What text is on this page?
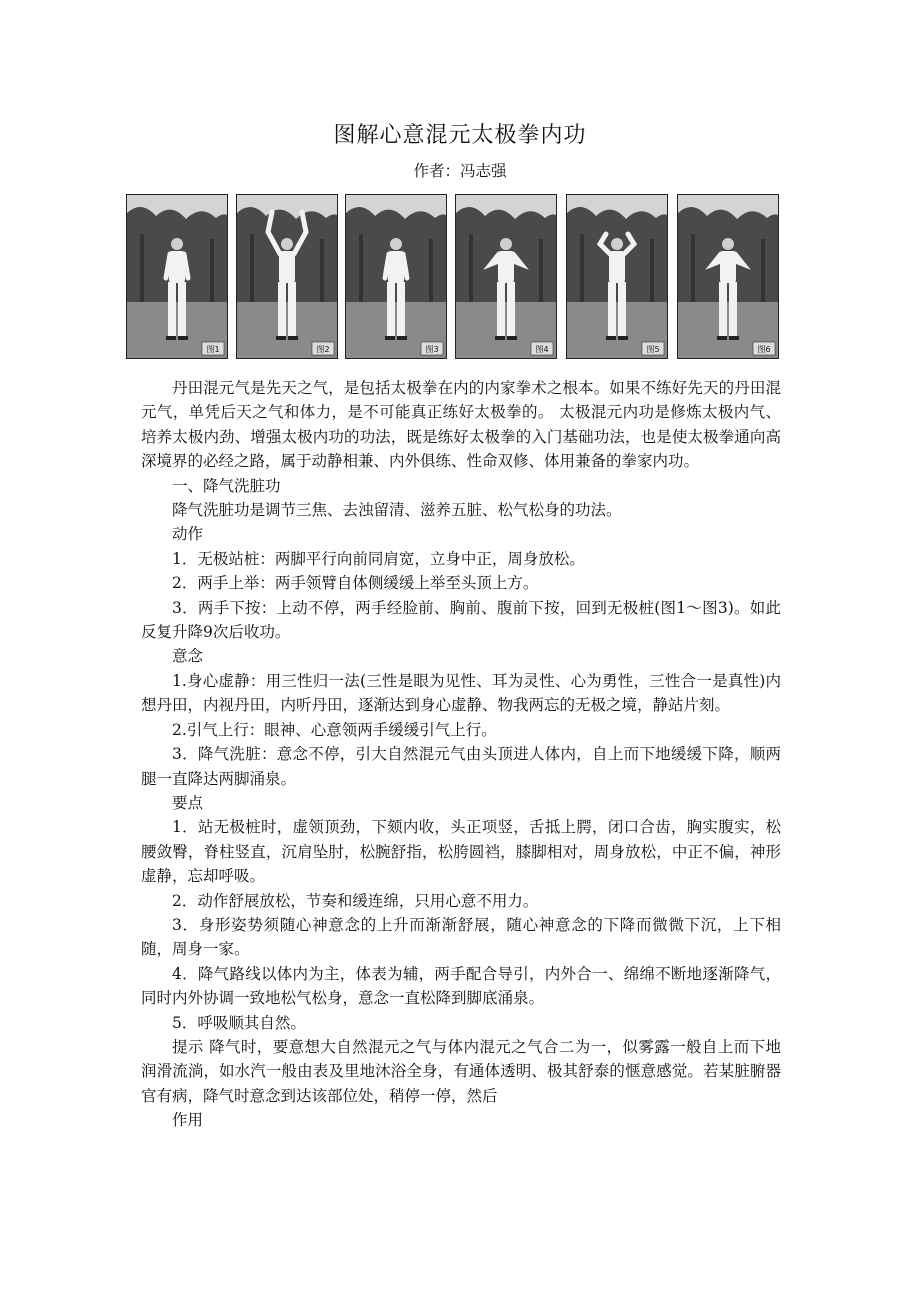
图解心意混元太极拳内功
作者：冯志强
图1	图2	图3	图4	图5	图6

丹田混元气是先天之气，是包括太极拳在内的内家拳术之根本。如果不练好先天的丹田混元气，单凭后天之气和体力，是不可能真正练好太极拳的。 太极混元内功是修炼太极内气、培养太极内劲、增强太极内功的功法，既是练好太极拳的入门基础功法，也是使太极拳通向高深境界的必经之路，属于动静相兼、内外俱练、性命双修、体用兼备的拳家内功。

一、降气洗脏功

降气洗脏功是调节三焦、去浊留清、滋养五脏、松气松身的功法。

动作

1．无极站桩：两脚平行向前同肩宽，立身中正，周身放松。

2．两手上举：两手领臂自体侧缓缓上举至头顶上方。

3．两手下按：上动不停，两手经脸前、胸前、腹前下按，回到无极桩(图1～图3)。如此反复升降9次后收功。

意念

1.身心虚静：用三性归一法(三性是眼为见性、耳为灵性、心为勇性，三性合一是真性)内想丹田，内视丹田，内听丹田，逐渐达到身心虚静、物我两忘的无极之境，静站片刻。

2.引气上行：眼神、心意领两手缓缓引气上行。

3．降气洗脏：意念不停，引大自然混元气由头顶进人体内，自上而下地缓缓下降，顺两腿一直降达两脚涌泉。

要点

1．站无极桩时，虚领顶劲，下颏内收，头正项竖，舌抵上腭，闭口合齿，胸实腹实，松腰敛臀，脊柱竖直，沉肩坠肘，松腕舒指，松胯圆裆，膝脚相对，周身放松，中正不偏，神形虚静，忘却呼吸。

2．动作舒展放松，节奏和缓连绵，只用心意不用力。

3．身形姿势须随心神意念的上升而渐渐舒展，随心神意念的下降而微微下沉，上下相随，周身一家。

4．降气路线以体内为主，体表为辅，两手配合导引，内外合一、绵绵不断地逐渐降气，同时内外协调一致地松气松身，意念一直松降到脚底涌泉。

5．呼吸顺其自然。

提示 降气时，要意想大自然混元之气与体内混元之气合二为一，似雾露一般自上而下地润滑流淌，如水汽一般由表及里地沐浴全身，有通体透明、极其舒泰的惬意感觉。若某脏腑器官有病，降气时意念到达该部位处，稍停一停，然后

作用
